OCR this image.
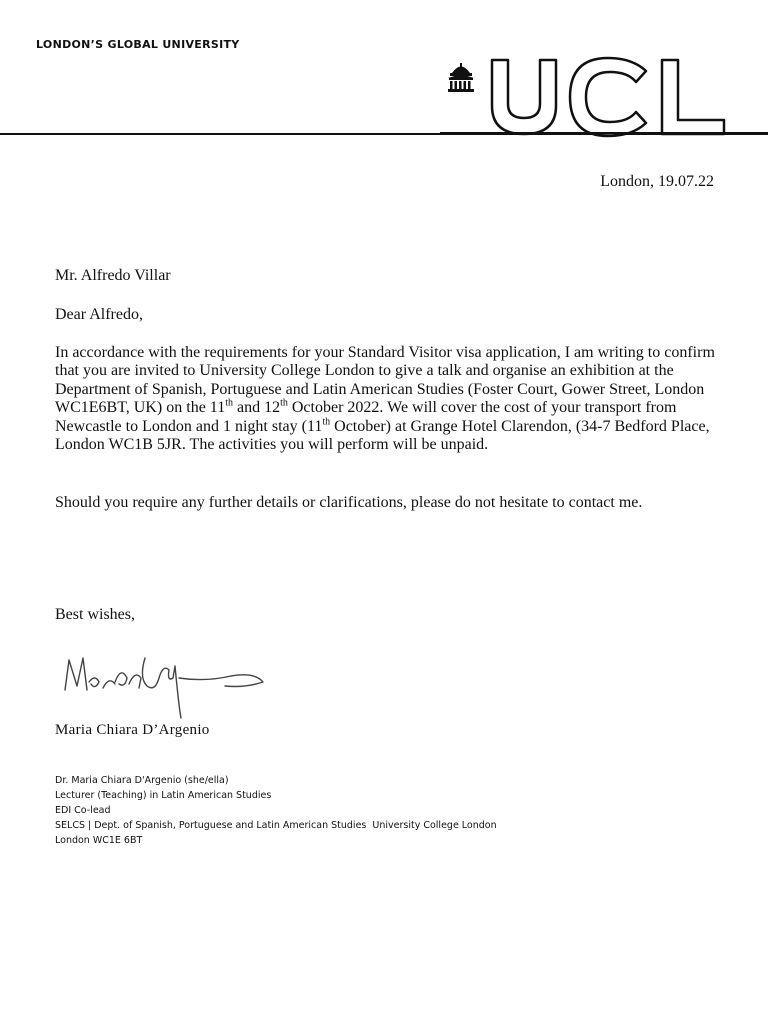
LONDON’S GLOBAL UNIVERSITY
London, 19.07.22
Mr. Alfredo Villar
Dear Alfredo,

In accordance with the requirements for your Standard Visitor visa application, I am writing to confirm that you are invited to University College London to give a talk and organise an exhibition at the Department of Spanish, Portuguese and Latin American Studies (Foster Court, Gower Street, London WC1E6BT, UK) on the 11th and 12th October 2022. We will cover the cost of your transport from Newcastle to London and 1 night stay (11th October) at Grange Hotel Clarendon, (34-7 Bedford Place, London WC1B 5JR. The activities you will perform will be unpaid.

Should you require any further details or clarifications, please do not hesitate to contact me.

Best wishes,
Maria Chiara D’Argenio
Dr. Maria Chiara D'Argenio (she/ella)
Lecturer (Teaching) in Latin American Studies
EDI Co-lead
SELCS | Dept. of Spanish, Portuguese and Latin American Studies  University College London
London WC1E 6BT
